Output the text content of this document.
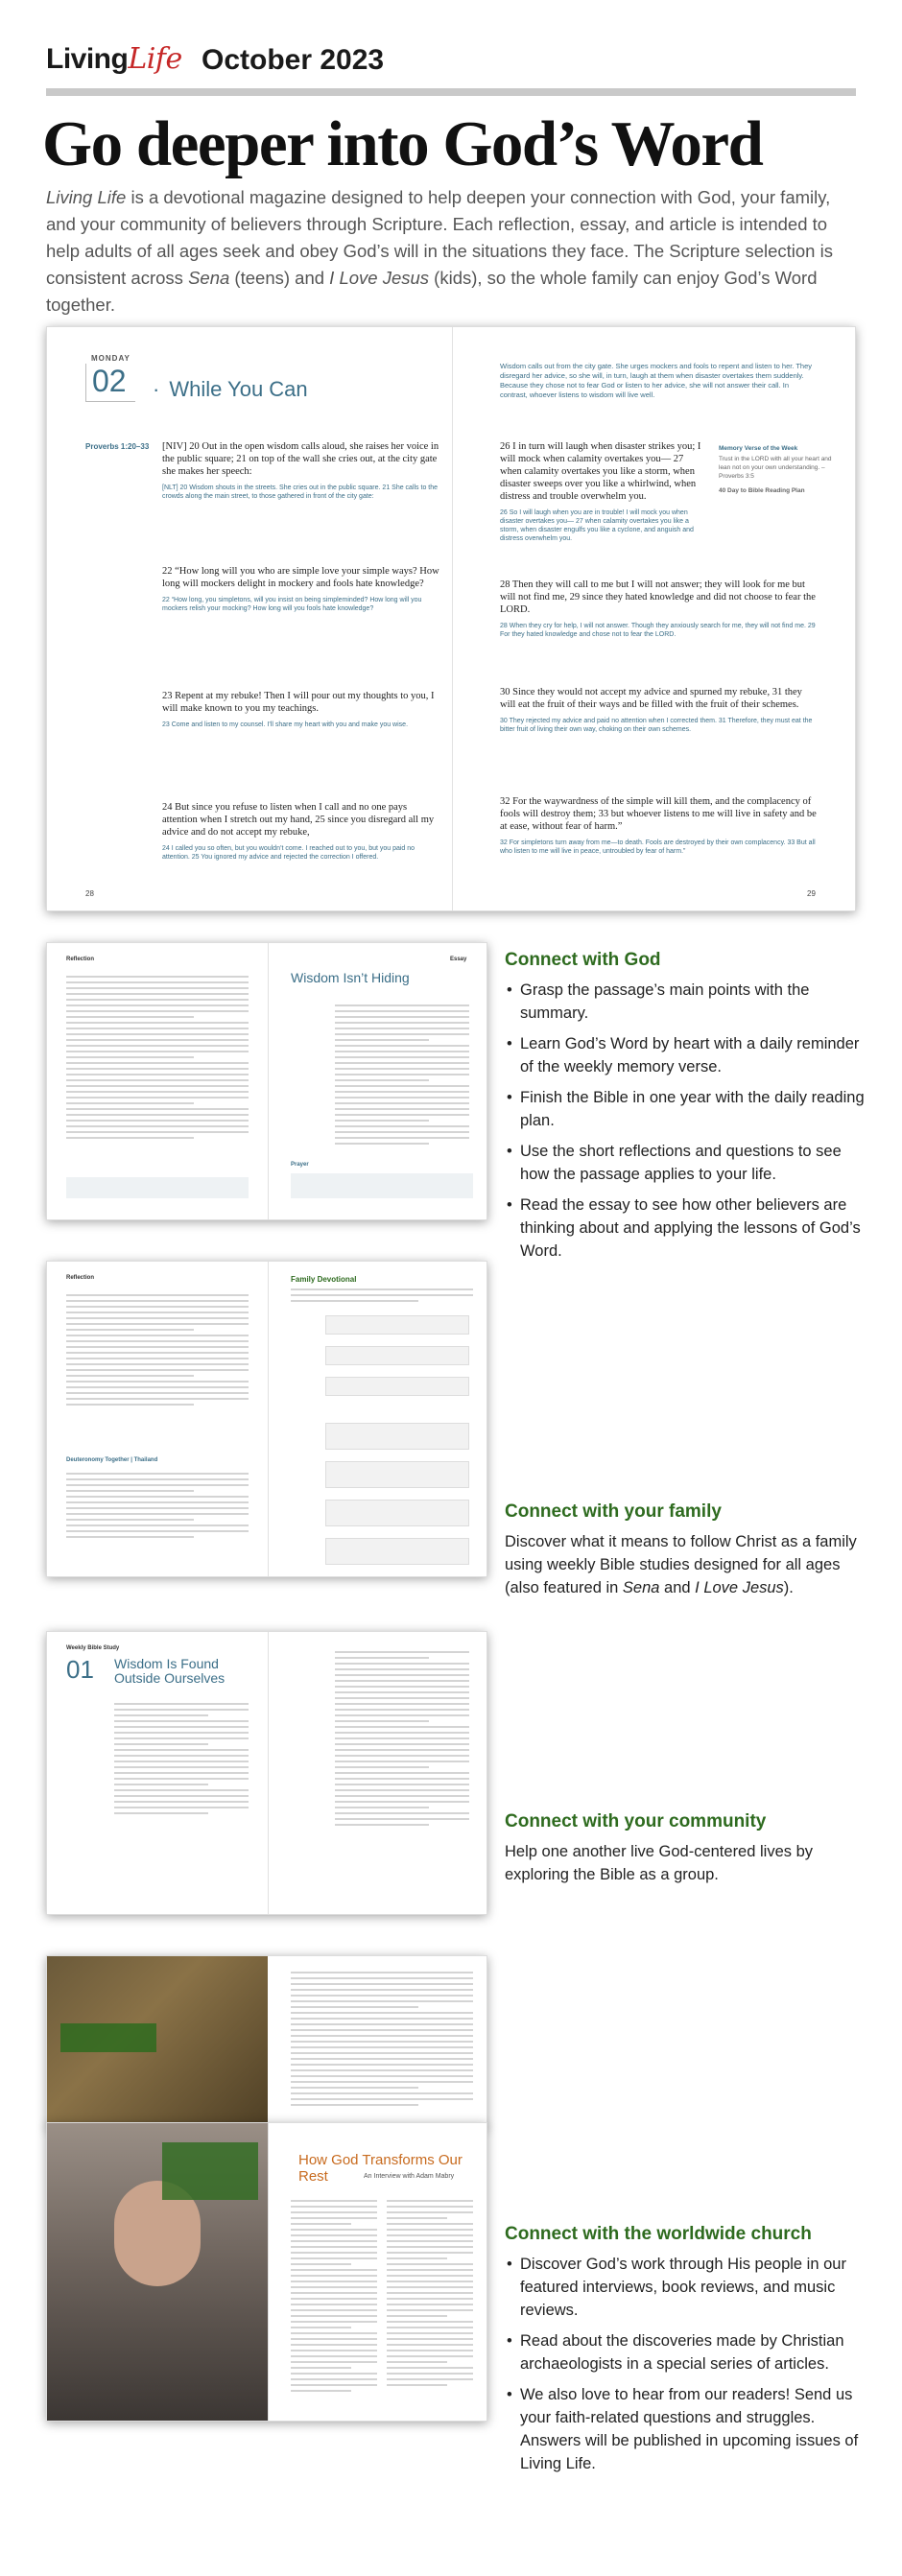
LivingLife October 2023
Go deeper into God’s Word

Living Life is a devotional magazine designed to help deepen your connection with God, your family, and your community of believers through Scripture. Each reflection, essay, and article is intended to help adults of all ages seek and obey God’s will in the situations they face. The Scripture selection is consistent across Sena (teens) and I Love Jesus (kids), so the whole family can enjoy God’s Word together.

MONDAY
02	· While You Can
Proverbs 1:20–33 [NIV] 20 Out in the open wisdom calls aloud, she raises her voice in the public square; 21 on top of the wall she cries out, at the city gate she makes her speech:
[NLT] 20 Wisdom shouts in the streets. She cries out in the public square. 21 She calls to the crowds along the main street, to those gathered in front of the city gate:
22 “How long will you who are simple love your simple ways? How long will mockers delight in mockery and fools hate knowledge?
22 “How long, you simpletons, will you insist on being simpleminded? How long will you mockers relish your mocking? How long will you fools hate knowledge?
23 Repent at my rebuke! Then I will pour out my thoughts to you, I will make known to you my teachings.
23 Come and listen to my counsel. I’ll share my heart with you and make you wise.
24 But since you refuse to listen when I call and no one pays attention when I stretch out my hand, 25 since you disregard all my advice and do not accept my rebuke,
24 I called you so often, but you wouldn’t come. I reached out to you, but you paid no attention. 25 You ignored my advice and rejected the correction I offered.
Wisdom calls out from the city gate. She urges mockers and fools to repent and listen to her. They disregard her advice, so she will, in turn, laugh at them when disaster overtakes them suddenly. Because they chose not to fear God or listen to her advice, she will not answer their call. In contrast, whoever listens to wisdom will live well.
26 I in turn will laugh when disaster strikes you; I will mock when calamity overtakes you— 27 when calamity overtakes you like a storm, when disaster sweeps over you like a whirlwind, when distress and trouble overwhelm you.
26 So I will laugh when you are in trouble! I will mock you when disaster overtakes you— 27 when calamity overtakes you like a storm, when disaster engulfs you like a cyclone, and anguish and distress overwhelm you.
28 Then they will call to me but I will not answer; they will look for me but will not find me, 29 since they hated knowledge and did not choose to fear the LORD.
28 When they cry for help, I will not answer. Though they anxiously search for me, they will not find me. 29 For they hated knowledge and chose not to fear the LORD.
30 Since they would not accept my advice and spurned my rebuke, 31 they will eat the fruit of their ways and be filled with the fruit of their schemes.
30 They rejected my advice and paid no attention when I corrected them. 31 Therefore, they must eat the bitter fruit of living their own way, choking on their own schemes.
32 For the waywardness of the simple will kill them, and the complacency of fools will destroy them; 33 but whoever listens to me will live in safety and be at ease, without fear of harm.”
32 For simpletons turn away from me—to death. Fools are destroyed by their own complacency. 33 But all who listen to me will live in peace, untroubled by fear of harm.”
Memory Verse of the Week
Trust in the LORD with all your heart and lean not on your own understanding. – Proverbs 3:5
40 Day to Bible Reading Plan
28	29
Reflection	Essay
Wisdom Isn’t Hiding
Prayer
Connect with God
• Grasp the passage’s main points with the summary.
• Learn God’s Word by heart with a daily reminder of the weekly memory verse.
• Finish the Bible in one year with the daily reading plan.
• Use the short reflections and questions to see how the passage applies to your life.
• Read the essay to see how other believers are thinking about and applying the lessons of God’s Word.
Reflection
Deuteronomy Together | Thailand
Family Devotional
Connect with your family

Discover what it means to follow Christ as a family using weekly Bible studies designed for all ages (also featured in Sena and I Love Jesus).

Weekly Bible Study
01 Wisdom Is Found
Outside Ourselves
Connect with your community

Help one another live God-centered lives by exploring the Bible as a group.

How God Transforms Our Rest	An Interview with Adam Mabry
Connect with the worldwide church
• Discover God’s work through His people in our featured interviews, book reviews, and music reviews.
• Read about the discoveries made by Christian archaeologists in a special series of articles.
• We also love to hear from our readers! Send us your faith-related questions and struggles. Answers will be published in upcoming issues of Living Life.
